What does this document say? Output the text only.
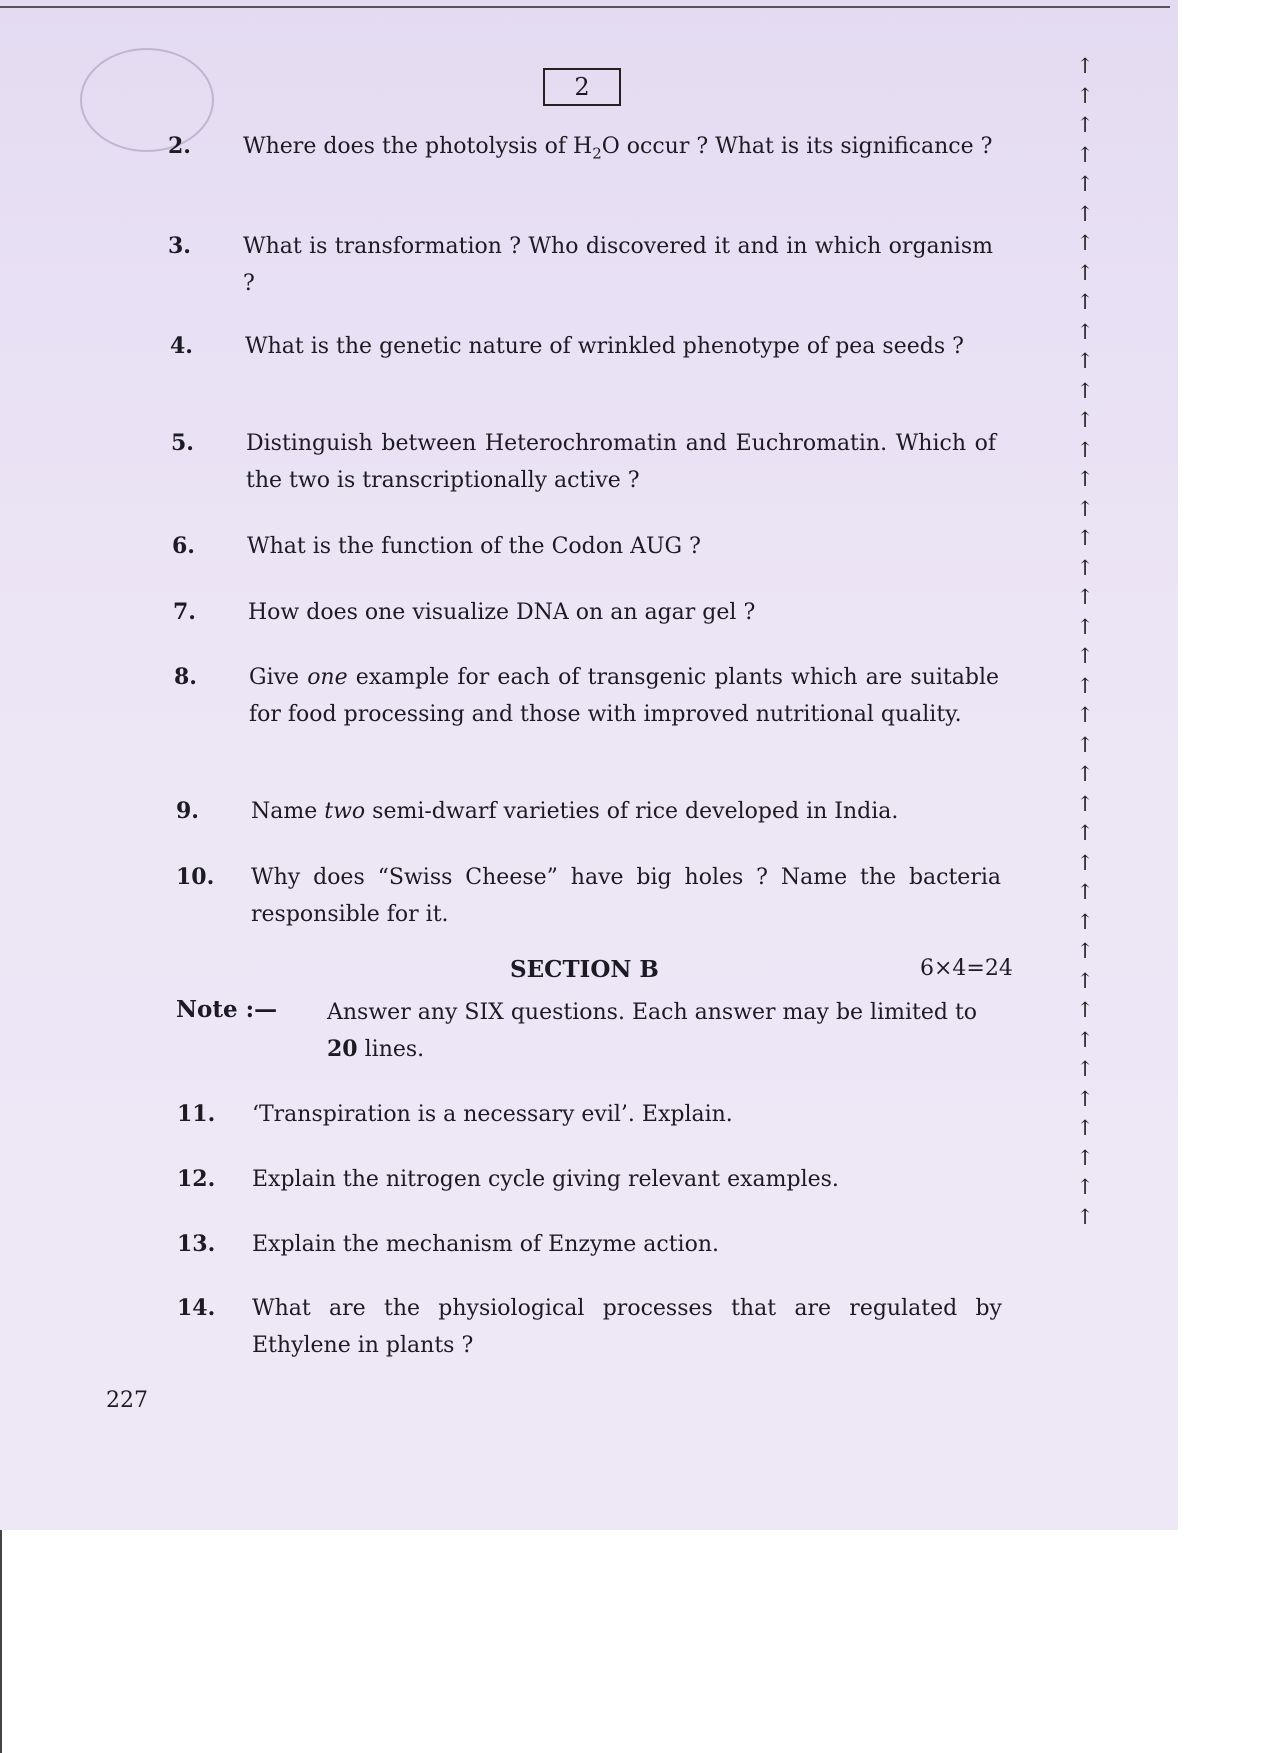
2
2. Where does the photolysis of $H_2O$ occur ? What is its significance ?
3. What is transformation ? Who discovered it and in which organism ?
4. What is the genetic nature of wrinkled phenotype of pea seeds ?
5. Distinguish between Heterochromatin and Euchromatin. Which of the two is transcriptionally active ?
6. What is the function of the Codon AUG ?
7. How does one visualize DNA on an agar gel ?
8. Give one example for each of transgenic plants which are suitable for food processing and those with improved nutritional quality.
9. Name two semi-dwarf varieties of rice developed in India.
10. Why does “Swiss Cheese” have big holes ? Name the bacteria responsible for it.
SECTION B	6×4=24
Note :— Answer any SIX questions. Each answer may be limited to 20 lines.
11. ‘Transpiration is a necessary evil’. Explain.
12. Explain the nitrogen cycle giving relevant examples.
13. Explain the mechanism of Enzyme action.
14. What are the physiological processes that are regulated by Ethylene in plants ?
227
↑
↑
↑
↑
↑
↑
↑
↑
↑
↑
↑
↑
↑
↑
↑
↑
↑
↑
↑
↑
↑
↑
↑
↑
↑
↑
↑
↑
↑
↑
↑
↑
↑
↑
↑
↑
↑
↑
↑
↑
